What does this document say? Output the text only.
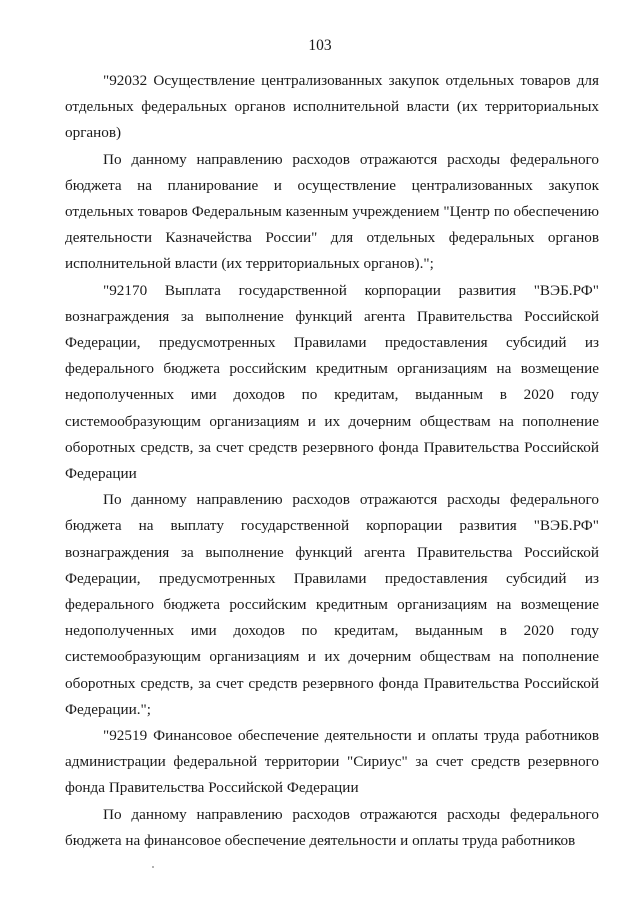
103

"92032 Осуществление централизованных закупок отдельных товаров для отдельных федеральных органов исполнительной власти (их территориальных органов)

По данному направлению расходов отражаются расходы федерального бюджета на планирование и осуществление централизованных закупок отдельных товаров Федеральным казенным учреждением "Центр по обеспечению деятельности Казначейства России" для отдельных федеральных органов исполнительной власти (их территориальных органов).";

"92170 Выплата государственной корпорации развития "ВЭБ.РФ" вознаграждения за выполнение функций агента Правительства Российской Федерации, предусмотренных Правилами предоставления субсидий из федерального бюджета российским кредитным организациям на возмещение недополученных ими доходов по кредитам, выданным в 2020 году системообразующим организациям и их дочерним обществам на пополнение оборотных средств, за счет средств резервного фонда Правительства Российской Федерации

По данному направлению расходов отражаются расходы федерального бюджета на выплату государственной корпорации развития "ВЭБ.РФ" вознаграждения за выполнение функций агента Правительства Российской Федерации, предусмотренных Правилами предоставления субсидий из федерального бюджета российским кредитным организациям на возмещение недополученных ими доходов по кредитам, выданным в 2020 году системообразующим организациям и их дочерним обществам на пополнение оборотных средств, за счет средств резервного фонда Правительства Российской Федерации.";

"92519 Финансовое обеспечение деятельности и оплаты труда работников администрации федеральной территории "Сириус" за счет средств резервного фонда Правительства Российской Федерации

По данному направлению расходов отражаются расходы федерального бюджета на финансовое обеспечение деятельности и оплаты труда работников
